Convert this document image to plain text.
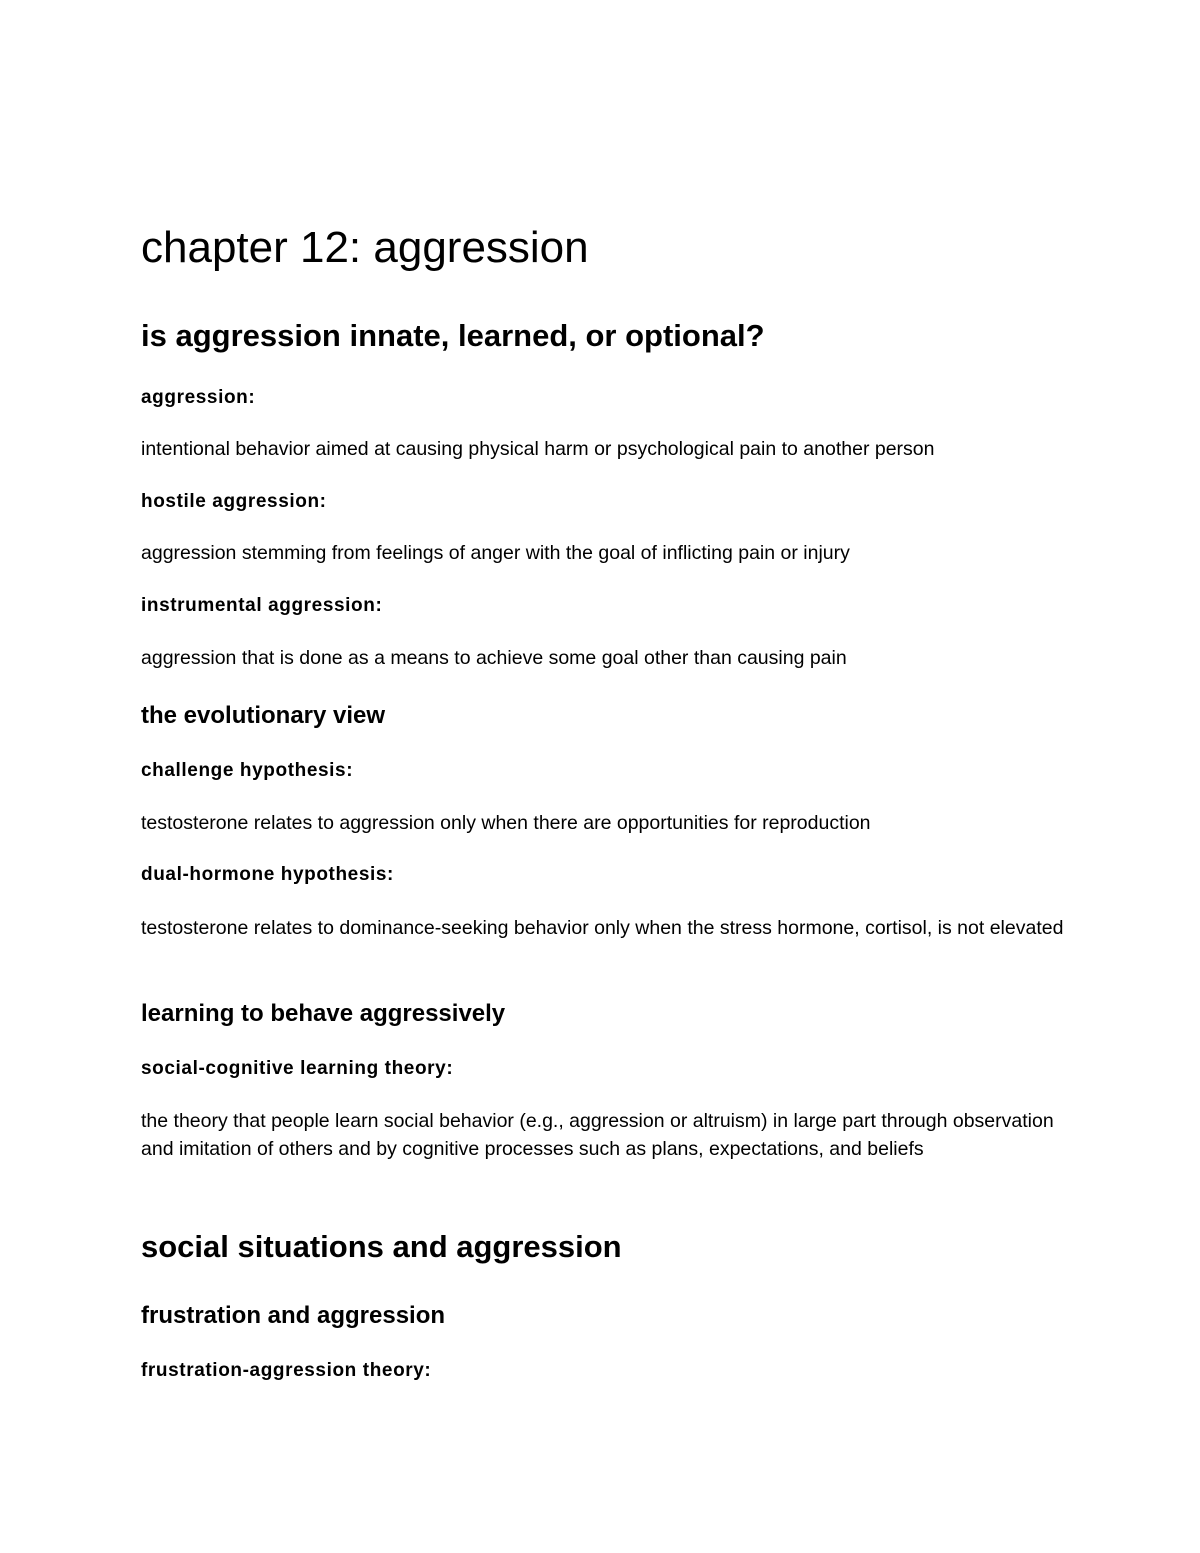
chapter 12: aggression
is aggression innate, learned, or optional?
aggression:

intentional behavior aimed at causing physical harm or psychological pain to another person

hostile aggression:

aggression stemming from feelings of anger with the goal of inflicting pain or injury

instrumental aggression:

aggression that is done as a means to achieve some goal other than causing pain

the evolutionary view
challenge hypothesis:

testosterone relates to aggression only when there are opportunities for reproduction

dual-hormone hypothesis:

testosterone relates to dominance-seeking behavior only when the stress hormone, cortisol, is not elevated

learning to behave aggressively
social-cognitive learning theory:

the theory that people learn social behavior (e.g., aggression or altruism) in large part through observation and imitation of others and by cognitive processes such as plans, expectations, and beliefs

social situations and aggression
frustration and aggression
frustration-aggression theory:
